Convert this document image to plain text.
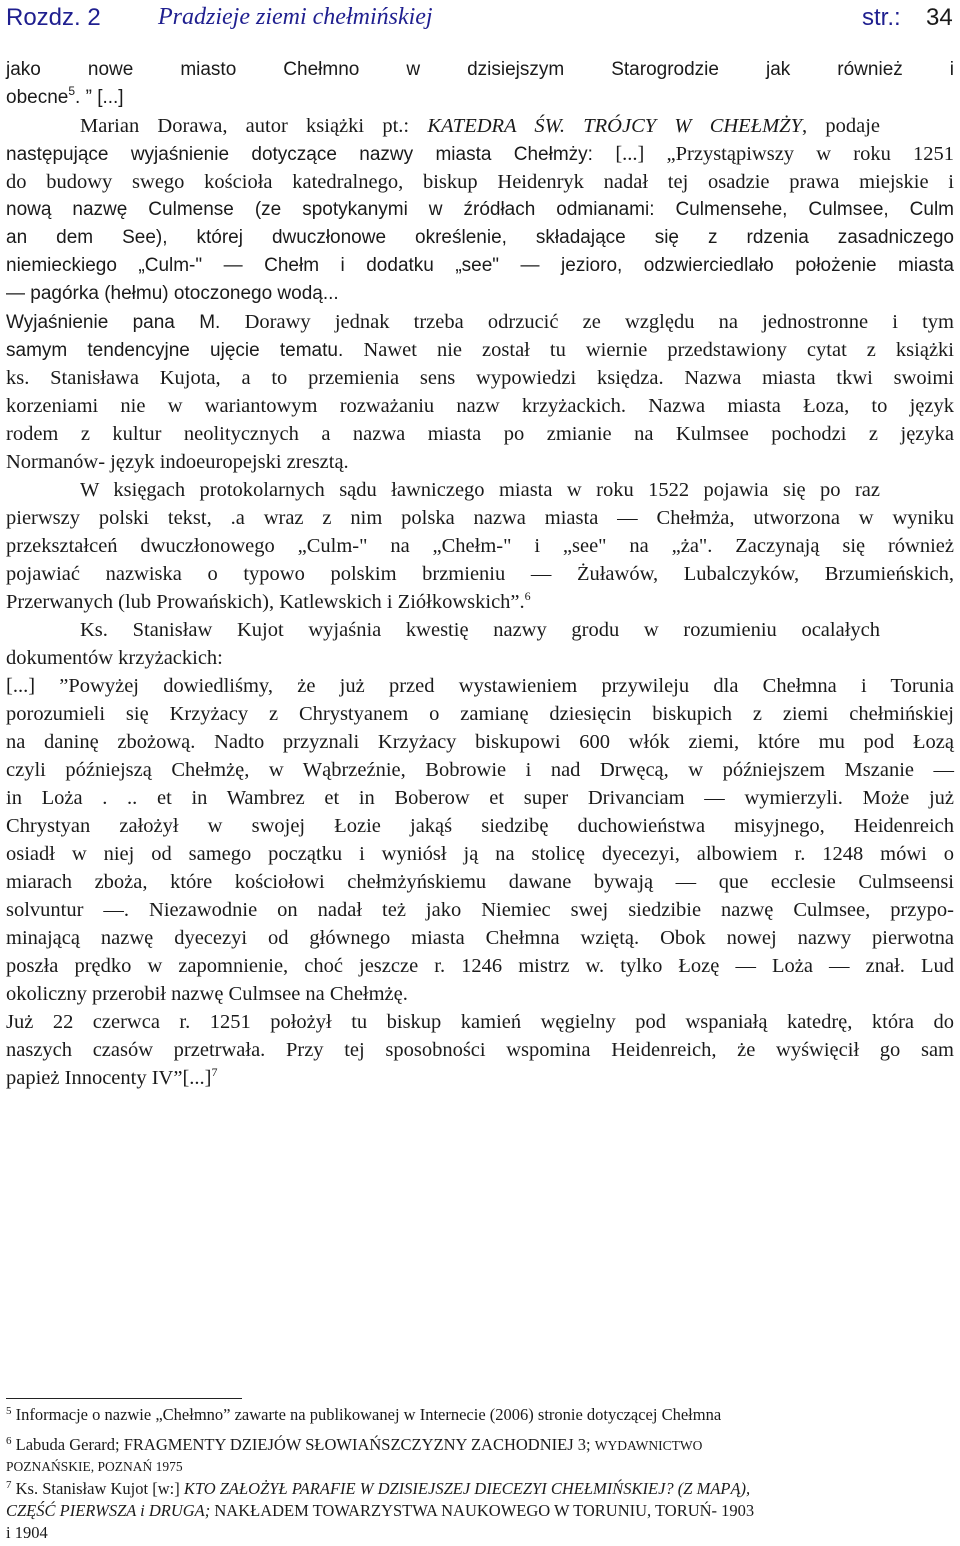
Rozdz. 2 Pradzieje ziemi chełmińskiej	str.: 34
jako nowe miasto Chełmno w dzisiejszym Starogrodzie jak również i
obecne$^5$. ” [...]
Marian Dorawa, autor książki pt.: KATEDRA ŚW. TRÓJCY W CHEŁMŻY, podaje
następujące wyjaśnienie dotyczące nazwy miasta Chełmży: [...] „Przystąpiwszy w roku 1251
do budowy swego kościoła katedralnego, biskup Heidenryk nadał tej osadzie prawa miejskie i
nową nazwę Culmense (ze spotykanymi w źródłach odmianami: Culmensehe, Culmsee, Culm
an dem See), której dwuczłonowe określenie, składające się z rdzenia zasadniczego
niemieckiego „Culm-" — Chełm i dodatku „see" — jezioro, odzwierciedlało położenie miasta
— pagórka (hełmu) otoczonego wodą...
Wyjaśnienie pana M. Dorawy jednak trzeba odrzucić ze względu na jednostronne i tym
samym tendencyjne ujęcie tematu. Nawet nie został tu wiernie przedstawiony cytat z książki
ks. Stanisława Kujota, a to przemienia sens wypowiedzi księdza. Nazwa miasta tkwi swoimi
korzeniami nie w wariantowym rozważaniu nazw krzyżackich. Nazwa miasta Łoza, to język
rodem z kultur neolitycznych a nazwa miasta po zmianie na Kulmsee pochodzi z języka
Normanów- język indoeuropejski zresztą.
W księgach protokolarnych sądu ławniczego miasta w roku 1522 pojawia się po raz
pierwszy polski tekst, .a wraz z nim polska nazwa miasta — Chełmża, utworzona w wyniku
przekształceń dwuczłonowego „Culm-" na „Chełm-" i „see" na „ża". Zaczynają się również
pojawiać nazwiska o typowo polskim brzmieniu — Żuławów, Lubalczyków, Brzumieńskich,
Przerwanych (lub Prowańskich), Katlewskich i Ziółkowskich”.$^6$
Ks. Stanisław Kujot wyjaśnia kwestię nazwy grodu w rozumieniu ocalałych
dokumentów krzyżackich:
[...] ”Powyżej dowiedliśmy, że już przed wystawieniem przywileju dla Chełmna i Torunia
porozumieli się Krzyżacy z Chrystyanem o zamianę dziesięcin biskupich z ziemi chełmińskiej
na daninę zbożową. Nadto przyznali Krzyżacy biskupowi 600 włók ziemi, które mu pod Łozą
czyli późniejszą Chełmżę, w Wąbrzeźnie, Bobrowie i nad Drwęcą, w późniejszem Mszanie —
in Loża . .. et in Wambrez et in Boberow et super Drivanciam — wymierzyli. Może już
Chrystyan założył w swojej Łozie jakąś siedzibę duchowieństwa misyjnego, Heidenreich
osiadł w niej od samego początku i wyniósł ją na stolicę dyecezyi, albowiem r. 1248 mówi o
miarach zboża, które kościołowi chełmżyńskiemu dawane bywają — que ecclesie Culmseensi
solvuntur —. Niezawodnie on nadał też jako Niemiec swej siedzibie nazwę Culmsee, przypo-
minającą nazwę dyecezyi od głównego miasta Chełmna wziętą. Obok nowej nazwy pierwotna
poszła prędko w zapomnienie, choć jeszcze r. 1246 mistrz w. tylko Łozę — Loża — znał. Lud
okoliczny przerobił nazwę Culmsee na Chełmżę.
Już 22 czerwca r. 1251 położył tu biskup kamień węgielny pod wspaniałą katedrę, która do
naszych czasów przetrwała. Przy tej sposobności wspomina Heidenreich, że wyświęcił go sam
papież Innocenty IV”[...]$^7$
$^5$ Informacje o nazwie „Chełmno” zawarte na publikowanej w Internecie (2006) stronie dotyczącej Chełmna
$^6$ Labuda Gerard; FRAGMENTY DZIEJÓW SŁOWIAŃSZCZYZNY ZACHODNIEJ 3; WYDAWNICTWO
POZNAŃSKIE, POZNAŃ 1975
$^7$ Ks. Stanisław Kujot [w:] KTO ZAŁOŻYŁ PARAFIE W DZISIEJSZEJ DIECEZYI CHEŁMIŃSKIEJ? (Z MAPĄ),
CZĘŚĆ PIERWSZA i DRUGA; NAKŁADEM TOWARZYSTWA NAUKOWEGO W TORUNIU, TORUŃ- 1903
i 1904
